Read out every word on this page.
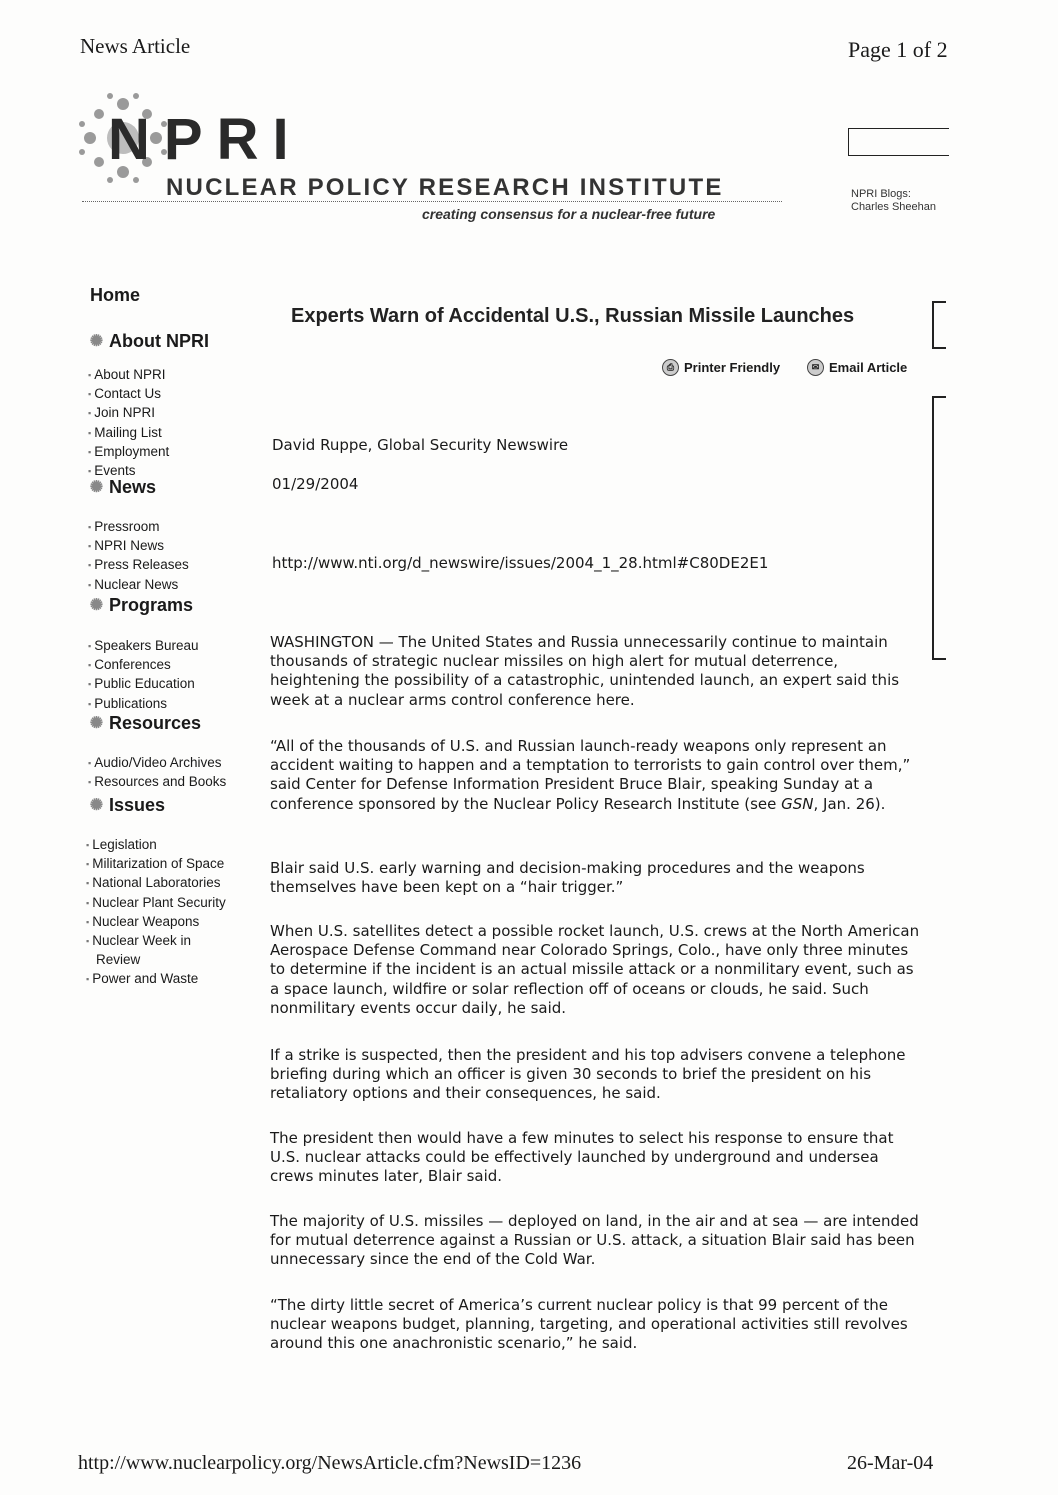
News Article	Page 1 of 2
NPRI
NUCLEAR POLICY RESEARCH INSTITUTE
creating consensus for a nuclear-free future
NPRI Blogs:
Charles Sheehan
Home
✺ About NPRI
▪ About NPRI
▪ Contact Us
▪ Join NPRI
▪ Mailing List
▪ Employment
▪ Events
✺ News
▪ Pressroom
▪ NPRI News
▪ Press Releases
▪ Nuclear News
✺ Programs
▪ Speakers Bureau
▪ Conferences
▪ Public Education
▪ Publications
✺ Resources
▪ Audio/Video Archives
▪ Resources and Books
✺ Issues
▪ Legislation
▪ Militarization of Space
▪ National Laboratories
▪ Nuclear Plant Security
▪ Nuclear Weapons
▪ Nuclear Week in
Review
▪ Power and Waste
Experts Warn of Accidental U.S., Russian Missile Launches
⎙ Printer Friendly	✉ Email Article
David Ruppe, Global Security Newswire
01/29/2004
http://www.nti.org/d_newswire/issues/2004_1_28.html#C80DE2E1

WASHINGTON — The United States and Russia unnecessarily continue to maintain thousands of strategic nuclear missiles on high alert for mutual deterrence, heightening the possibility of a catastrophic, unintended launch, an expert said this week at a nuclear arms control conference here.

“All of the thousands of U.S. and Russian launch-ready weapons only represent an accident waiting to happen and a temptation to terrorists to gain control over them,” said Center for Defense Information President Bruce Blair, speaking Sunday at a conference sponsored by the Nuclear Policy Research Institute (see GSN, Jan. 26).

Blair said U.S. early warning and decision-making procedures and the weapons themselves have been kept on a “hair trigger.”

When U.S. satellites detect a possible rocket launch, U.S. crews at the North American Aerospace Defense Command near Colorado Springs, Colo., have only three minutes to determine if the incident is an actual missile attack or a nonmilitary event, such as a space launch, wildfire or solar reflection off of oceans or clouds, he said. Such nonmilitary events occur daily, he said.

If a strike is suspected, then the president and his top advisers convene a telephone briefing during which an officer is given 30 seconds to brief the president on his retaliatory options and their consequences, he said.

The president then would have a few minutes to select his response to ensure that U.S. nuclear attacks could be effectively launched by underground and undersea crews minutes later, Blair said.

The majority of U.S. missiles — deployed on land, in the air and at sea — are intended for mutual deterrence against a Russian or U.S. attack, a situation Blair said has been unnecessary since the end of the Cold War.

“The dirty little secret of America’s current nuclear policy is that 99 percent of the nuclear weapons budget, planning, targeting, and operational activities still revolves around this one anachronistic scenario,” he said.

http://www.nuclearpolicy.org/NewsArticle.cfm?NewsID=1236	26-Mar-04
